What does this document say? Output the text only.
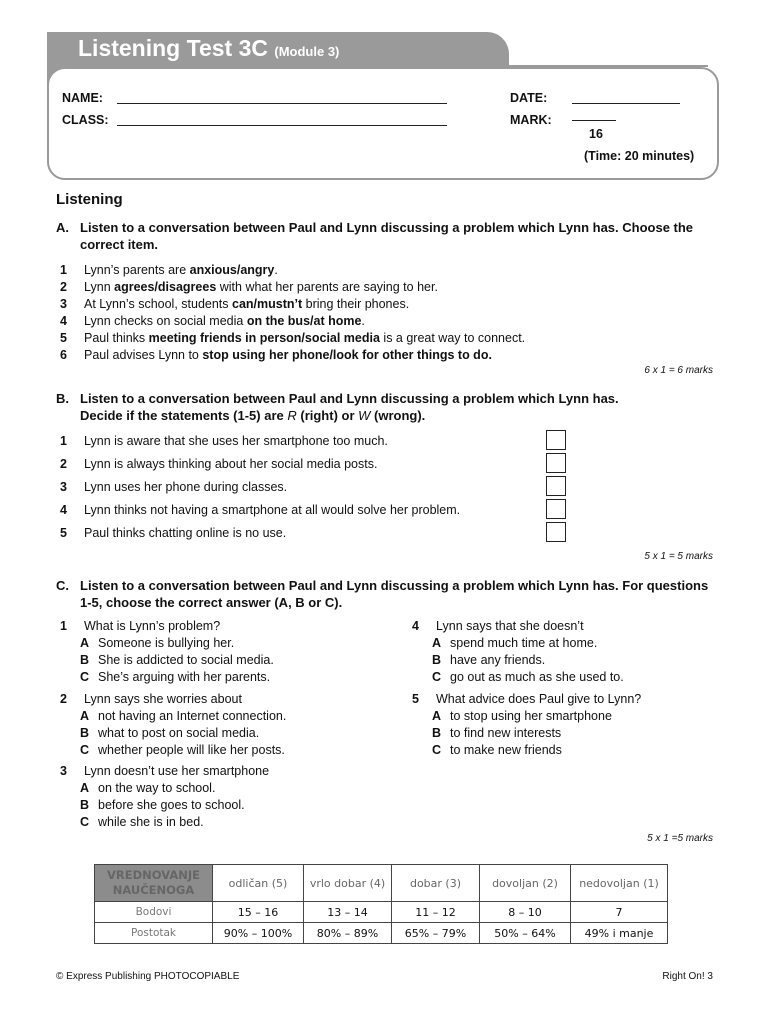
Listening Test 3C (Module 3)
NAME:
CLASS:
DATE:
MARK:
16
(Time: 20 minutes)
Listening
A. Listen to a conversation between Paul and Lynn discussing a problem which Lynn has. Choose the correct item.
1	Lynn’s parents are anxious/angry.
2	Lynn agrees/disagrees with what her parents are saying to her.
3	At Lynn’s school, students can/mustn’t bring their phones.
4	Lynn checks on social media on the bus/at home.
5	Paul thinks meeting friends in person/social media is a great way to connect.
6	Paul advises Lynn to stop using her phone/look for other things to do.
6 x 1 = 6 marks
B. Listen to a conversation between Paul and Lynn discussing a problem which Lynn has.
Decide if the statements (1-5) are R (right) or W (wrong).
1	Lynn is aware that she uses her smartphone too much.
2	Lynn is always thinking about her social media posts.
3	Lynn uses her phone during classes.
4	Lynn thinks not having a smartphone at all would solve her problem.
5	Paul thinks chatting online is no use.
5 x 1 = 5 marks
C. Listen to a conversation between Paul and Lynn discussing a problem which Lynn has. For questions 1-5, choose the correct answer (A, B or C).
1	What is Lynn’s problem?
A Someone is bullying her.
B She is addicted to social media.
C She’s arguing with her parents.
2	Lynn says she worries about
A not having an Internet connection.
B what to post on social media.
C whether people will like her posts.
3	Lynn doesn’t use her smartphone
A on the way to school.
B before she goes to school.
C while she is in bed.
4	Lynn says that she doesn’t
A spend much time at home.
B have any friends.
C go out as much as she used to.
5	What advice does Paul give to Lynn?
A to stop using her smartphone
B to find new interests
C to make new friends
5 x 1 =5 marks
VREDNOVANJE
NAUČENOGA	odličan (5)	vrlo dobar (4)	dobar (3)	dovoljan (2)	nedovoljan (1)
Bodovi	15 – 16	13 – 14	11 – 12	8 – 10	7
Postotak	90% – 100%	80% – 89%	65% – 79%	50% – 64%	49% i manje
© Express Publishing PHOTOCOPIABLE	Right On! 3
